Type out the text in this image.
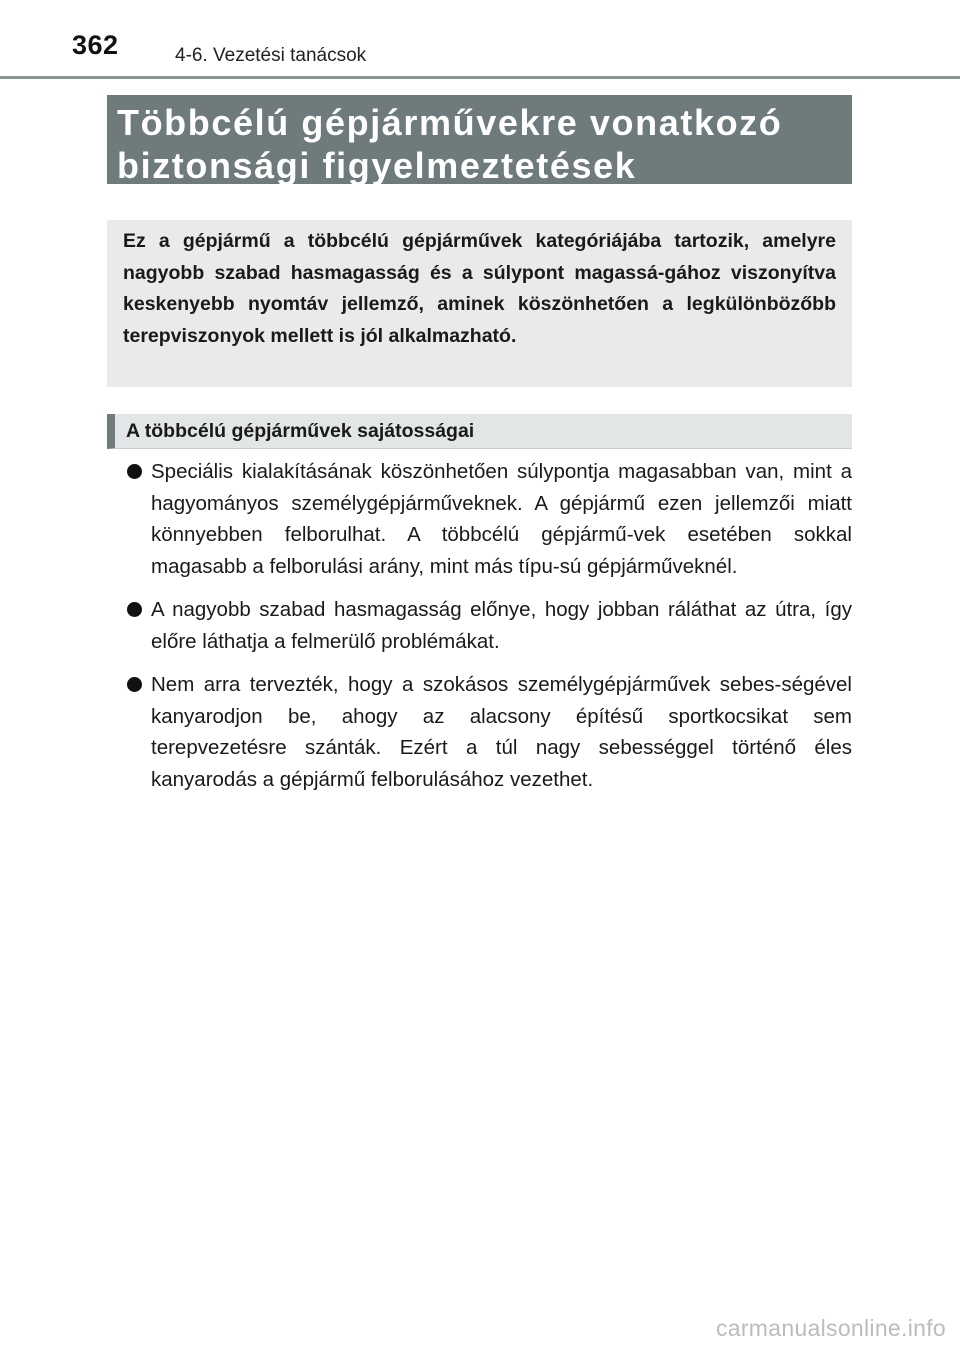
362	4-6. Vezetési tanácsok
Többcélú gépjárművekre vonatkozó
biztonsági figyelmeztetések

Ez a gépjármű a többcélú gépjárművek kategóriájába tartozik, amelyre nagyobb szabad hasmagasság és a súlypont magassá-gához viszonyítva keskenyebb nyomtáv jellemző, aminek köszönhetően a legkülönbözőbb terepviszonyok mellett is jól alkalmazható.

A többcélú gépjárművek sajátosságai
Speciális kialakításának köszönhetően súlypontja magasabban van, mint a hagyományos személygépjárműveknek. A gépjármű ezen jellemzői miatt könnyebben felborulhat. A többcélú gépjármű-vek esetében sokkal magasabb a felborulási arány, mint más típu-sú gépjárműveknél.
A nagyobb szabad hasmagasság előnye, hogy jobban ráláthat az útra, így előre láthatja a felmerülő problémákat.
Nem arra tervezték, hogy a szokásos személygépjárművek sebes-ségével kanyarodjon be, ahogy az alacsony építésű sportkocsikat sem terepvezetésre szánták. Ezért a túl nagy sebességgel történő éles kanyarodás a gépjármű felborulásához vezethet.
carmanualsonline.info
